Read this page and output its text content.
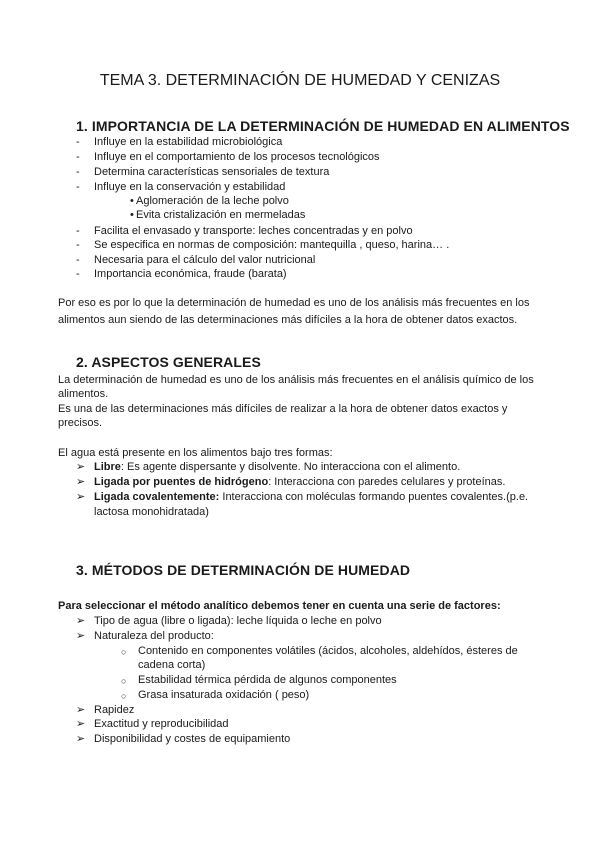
TEMA 3. DETERMINACIÓN DE HUMEDAD Y CENIZAS
1. IMPORTANCIA DE LA DETERMINACIÓN DE HUMEDAD EN ALIMENTOS
- Influye en la estabilidad microbiológica
- Influye en el comportamiento de los procesos tecnológicos
- Determina características sensoriales de textura
- Influye en la conservación y estabilidad
• Aglomeración de la leche polvo
• Evita cristalización en mermeladas
- Facilita el envasado y transporte: leches concentradas y en polvo
- Se especifica en normas de composición: mantequilla , queso, harina… .
- Necesaria para el cálculo del valor nutricional
- Importancia económica, fraude (barata)
Por eso es por lo que la determinación de humedad es uno de los análisis más frecuentes en los
alimentos aun siendo de las determinaciones más difíciles a la hora de obtener datos exactos.
2. ASPECTOS GENERALES
La determinación de humedad es uno de los análisis más frecuentes en el análisis químico de los
alimentos.
Es una de las determinaciones más difíciles de realizar a la hora de obtener datos exactos y
precisos.
El agua está presente en los alimentos bajo tres formas:
➢ Libre: Es agente dispersante y disolvente. No interacciona con el alimento.
➢ Ligada por puentes de hidrógeno: Interacciona con paredes celulares y proteínas.
➢ Ligada covalentemente: Interacciona con moléculas formando puentes covalentes.(p.e.
lactosa monohidratada)
3. MÉTODOS DE DETERMINACIÓN DE HUMEDAD
Para seleccionar el método analítico debemos tener en cuenta una serie de factores:
➢ Tipo de agua (libre o ligada): leche líquida o leche en polvo
➢ Naturaleza del producto:
○ Contenido en componentes volátiles (ácidos, alcoholes, aldehídos, ésteres de
cadena corta)
○ Estabilidad térmica pérdida de algunos componentes
○ Grasa insaturada oxidación ( peso)
➢ Rapidez
➢ Exactitud y reproducibilidad
➢ Disponibilidad y costes de equipamiento
